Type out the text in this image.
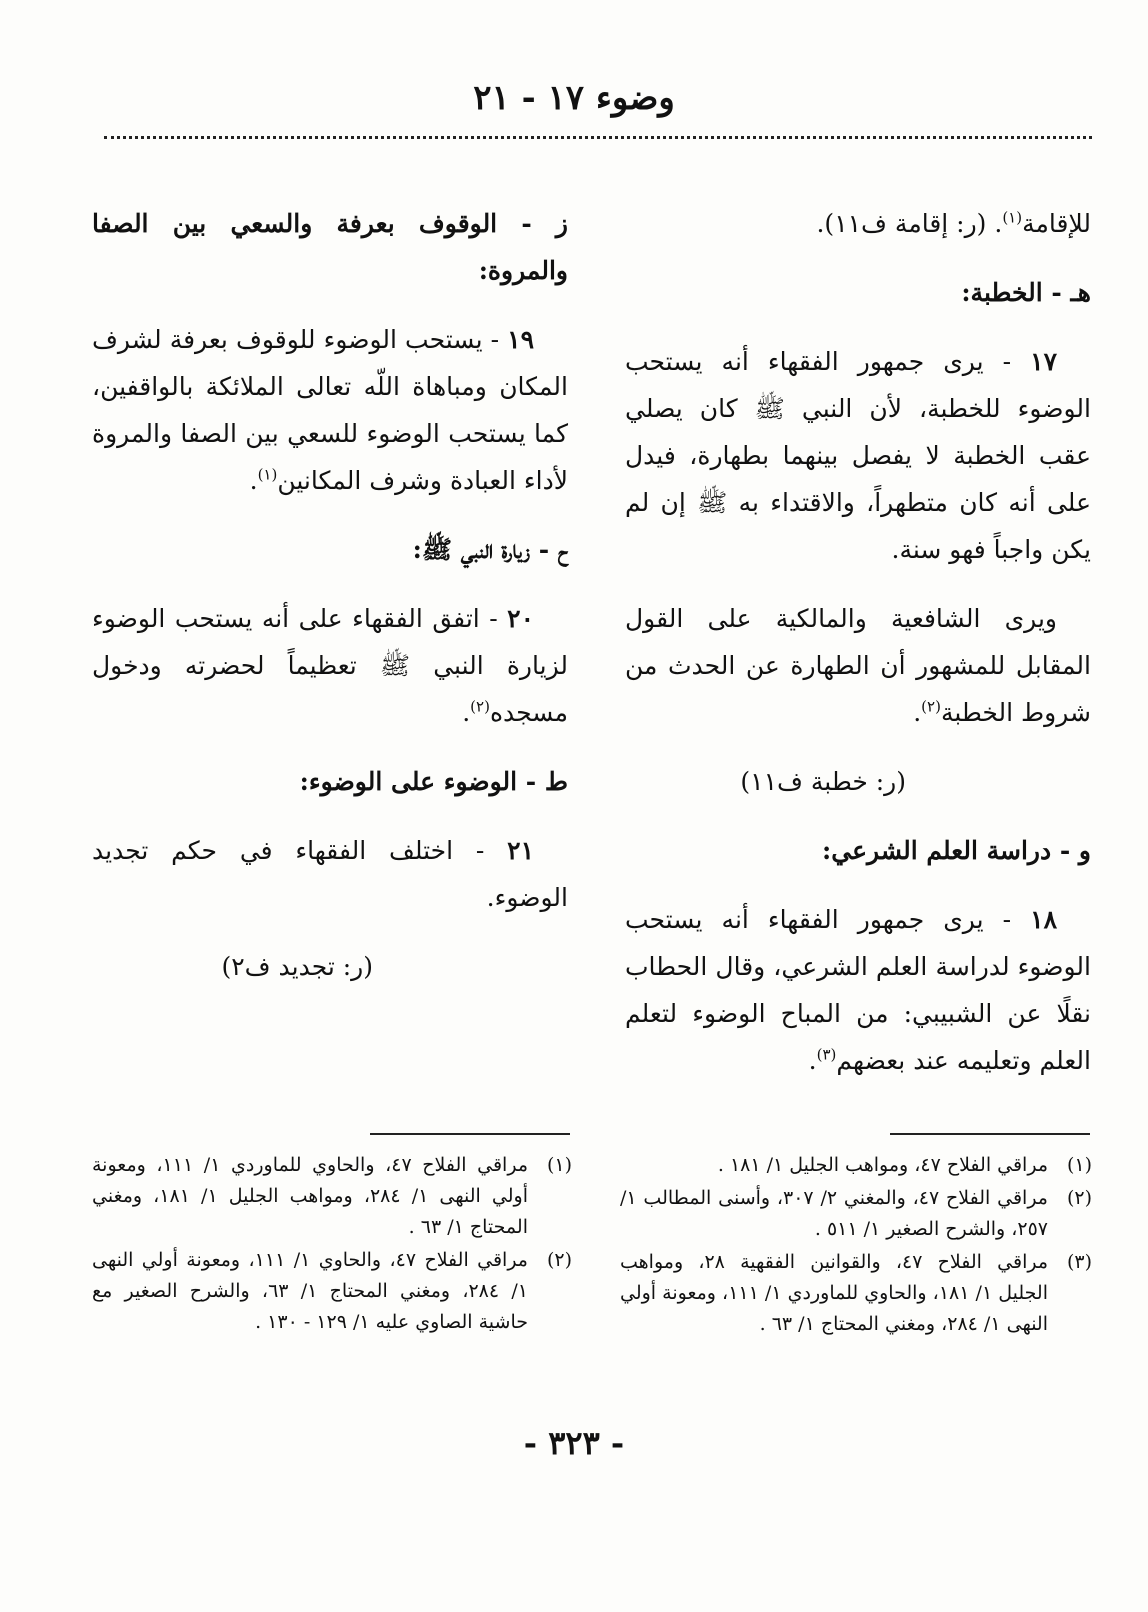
وضوء ١٧ - ٢١

للإقامة$^{(١)}$. (ر: إقامة ف١١).

هـ - الخطبة:

١٧ - يرى جمهور الفقهاء أنه يستحب الوضوء للخطبة، لأن النبي ﷺ كان يصلي عقب الخطبة لا يفصل بينهما بطهارة، فيدل على أنه كان متطهراً، والاقتداء به ﷺ إن لم يكن واجباً فهو سنة.

ويرى الشافعية والمالكية على القول المقابل للمشهور أن الطهارة عن الحدث من شروط الخطبة$^{(٢)}$.

(ر: خطبة ف١١)

و - دراسة العلم الشرعي:

١٨ - يرى جمهور الفقهاء أنه يستحب الوضوء لدراسة العلم الشرعي، وقال الحطاب نقلًا عن الشبيبي: من المباح الوضوء لتعلم العلم وتعليمه عند بعضهم$^{(٣)}$.

ز - الوقوف بعرفة والسعي بين الصفا والمروة:

١٩ - يستحب الوضوء للوقوف بعرفة لشرف المكان ومباهاة اللّه تعالى الملائكة بالواقفين، كما يستحب الوضوء للسعي بين الصفا والمروة لأداء العبادة وشرف المكانين$^{(١)}$.

ح - زيارة النبي ﷺ:

٢٠ - اتفق الفقهاء على أنه يستحب الوضوء لزيارة النبي ﷺ تعظيماً لحضرته ودخول مسجده$^{(٢)}$.

ط - الوضوء على الوضوء:

٢١ - اختلف الفقهاء في حكم تجديد الوضوء.

(ر: تجديد ف٢)

(١)
مراقي الفلاح ٤٧، ومواهب الجليل ١/ ١٨١ .
(٢)
مراقي الفلاح ٤٧، والمغني ٢/ ٣٠٧، وأسنى المطالب ١/ ٢٥٧، والشرح الصغير ١/ ٥١١ .
(٣)
مراقي الفلاح ٤٧، والقوانين الفقهية ٢٨، ومواهب الجليل ١/ ١٨١، والحاوي للماوردي ١/ ١١١، ومعونة أولي النهى ١/ ٢٨٤، ومغني المحتاج ١/ ٦٣ .
(١)
مراقي الفلاح ٤٧، والحاوي للماوردي ١/ ١١١، ومعونة أولي النهى ١/ ٢٨٤، ومواهب الجليل ١/ ١٨١، ومغني المحتاج ١/ ٦٣ .
(٢)
مراقي الفلاح ٤٧، والحاوي ١/ ١١١، ومعونة أولي النهى ١/ ٢٨٤، ومغني المحتاج ١/ ٦٣، والشرح الصغير مع حاشية الصاوي عليه ١/ ١٢٩ - ١٣٠ .
- ٣٢٣ -
